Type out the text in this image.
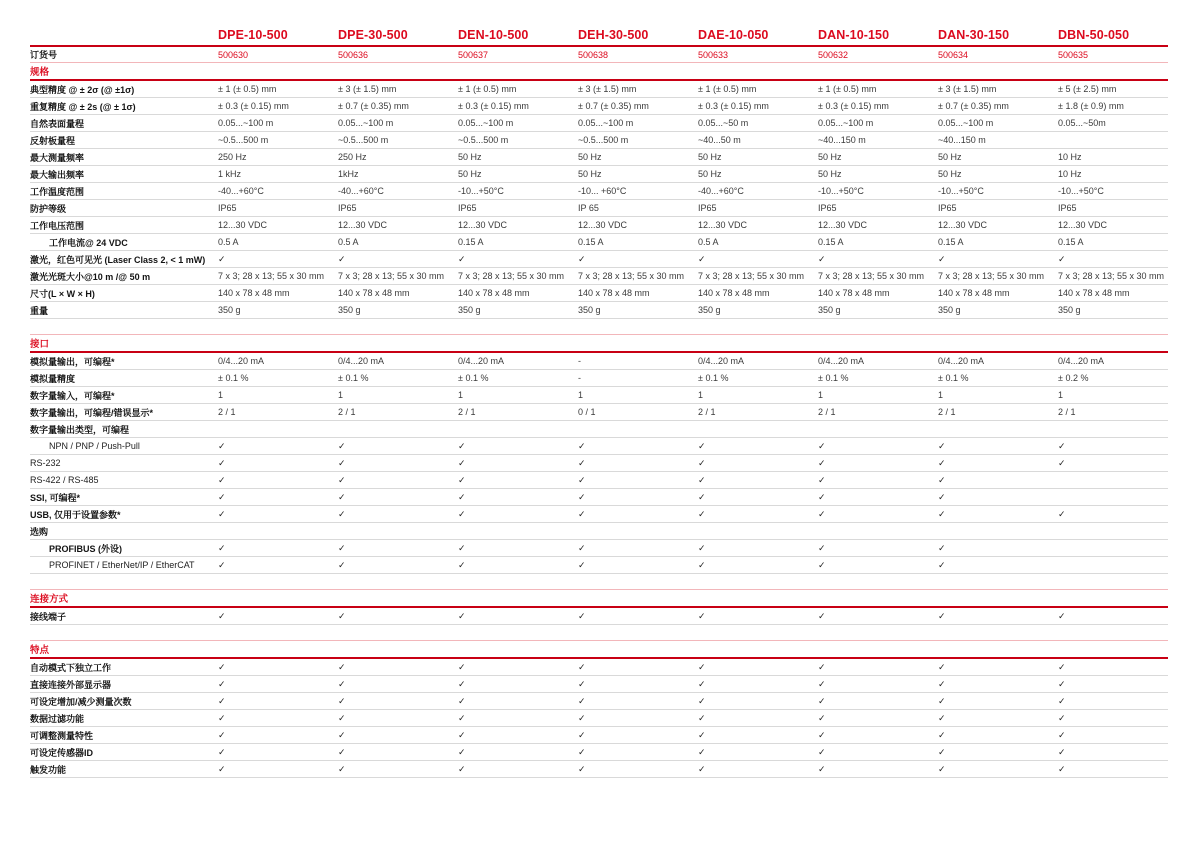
DPE-10-500	DPE-30-500	DEN-10-500	DEH-30-500	DAE-10-050	DAN-10-150	DAN-30-150	DBN-50-050
订货号	500630	500636	500637	500638	500633	500632	500634	500635
规格
典型精度 @ ± 2σ (@ ±1σ)	± 1 (± 0.5) mm	± 3 (± 1.5) mm	± 1 (± 0.5) mm	± 3 (± 1.5) mm	± 1 (± 0.5) mm	± 1 (± 0.5) mm	± 3 (± 1.5) mm	± 5 (± 2.5) mm
重复精度 @ ± 2s (@ ± 1σ)	± 0.3 (± 0.15) mm	± 0.7 (± 0.35) mm	± 0.3 (± 0.15) mm	± 0.7 (± 0.35) mm	± 0.3 (± 0.15) mm	± 0.3 (± 0.15) mm	± 0.7 (± 0.35) mm	± 1.8 (± 0.9) mm
自然表面量程	0.05...~100 m	0.05...~100 m	0.05...~100 m	0.05...~100 m	0.05...~50 m	0.05...~100 m	0.05...~100 m	0.05...~50m
反射板量程	~0.5...500 m	~0.5...500 m	~0.5...500 m	~0.5...500 m	~40...50 m	~40...150 m	~40...150 m
最大测量频率	250 Hz	250 Hz	50 Hz	50 Hz	50 Hz	50 Hz	50 Hz	10 Hz
最大输出频率	1 kHz	1kHz	50 Hz	50 Hz	50 Hz	50 Hz	50 Hz	10 Hz
工作温度范围	-40...+60°C	-40...+60°C	-10...+50°C	-10... +60°C	-40...+60°C	-10...+50°C	-10...+50°C	-10...+50°C
防护等级	IP65	IP65	IP65	IP 65	IP65	IP65	IP65	IP65
工作电压范围	12...30 VDC	12...30 VDC	12...30 VDC	12...30 VDC	12...30 VDC	12...30 VDC	12...30 VDC	12...30 VDC
工作电流@ 24 VDC	0.5 A	0.5 A	0.15 A	0.15 A	0.5 A	0.15 A	0.15 A	0.15 A
激光，红色可见光 (Laser Class 2, < 1 mW)	✓	✓	✓	✓	✓	✓	✓	✓
激光光斑大小@10 m /@ 50 m	7 x 3; 28 x 13; 55 x 30 mm	7 x 3; 28 x 13; 55 x 30 mm	7 x 3; 28 x 13; 55 x 30 mm	7 x 3; 28 x 13; 55 x 30 mm	7 x 3; 28 x 13; 55 x 30 mm	7 x 3; 28 x 13; 55 x 30 mm	7 x 3; 28 x 13; 55 x 30 mm	7 x 3; 28 x 13; 55 x 30 mm
尺寸(L × W × H)	140 x 78 x 48 mm	140 x 78 x 48 mm	140 x 78 x 48 mm	140 x 78 x 48 mm	140 x 78 x 48 mm	140 x 78 x 48 mm	140 x 78 x 48 mm	140 x 78 x 48 mm
重量	350 g	350 g	350 g	350 g	350 g	350 g	350 g	350 g
接口
模拟量输出，可编程*	0/4...20 mA	0/4...20 mA	0/4...20 mA	-	0/4...20 mA	0/4...20 mA	0/4...20 mA	0/4...20 mA
模拟量精度	± 0.1 %	± 0.1 %	± 0.1 %	-	± 0.1 %	± 0.1 %	± 0.1 %	± 0.2 %
数字量输入，可编程*	1	1	1	1	1	1	1	1
数字量输出，可编程/错误显示*	2 / 1	2 / 1	2 / 1	0 / 1	2 / 1	2 / 1	2 / 1	2 / 1
数字量输出类型，可编程
NPN / PNP / Push-Pull	✓	✓	✓	✓	✓	✓	✓	✓
RS-232	✓	✓	✓	✓	✓	✓	✓	✓
RS-422 / RS-485	✓	✓	✓	✓	✓	✓	✓
SSI, 可编程*	✓	✓	✓	✓	✓	✓	✓
USB, 仅用于设置参数*	✓	✓	✓	✓	✓	✓	✓	✓
选购
PROFIBUS (外设)	✓	✓	✓	✓	✓	✓	✓
PROFINET / EtherNet/IP / EtherCAT	✓	✓	✓	✓	✓	✓	✓
连接方式
接线端子	✓	✓	✓	✓	✓	✓	✓	✓
特点
自动模式下独立工作	✓	✓	✓	✓	✓	✓	✓	✓
直接连接外部显示器	✓	✓	✓	✓	✓	✓	✓	✓
可设定增加/减少测量次数	✓	✓	✓	✓	✓	✓	✓	✓
数据过滤功能	✓	✓	✓	✓	✓	✓	✓	✓
可调整测量特性	✓	✓	✓	✓	✓	✓	✓	✓
可设定传感器ID	✓	✓	✓	✓	✓	✓	✓	✓
触发功能	✓	✓	✓	✓	✓	✓	✓	✓
